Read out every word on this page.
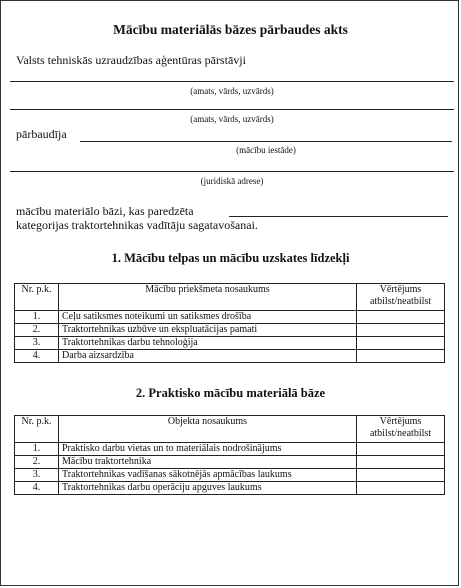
Mācību materiālās bāzes pārbaudes akts
Valsts tehniskās uzraudzības aģentūras pārstāvji
(amats, vārds, uzvārds)
(amats, vārds, uzvārds)
pārbaudīja
(mācību iestāde)
(juridiskā adrese)
mācību materiālo bāzi, kas paredzēta
kategorijas traktortehnikas vadītāju sagatavošanai.
1. Mācību telpas un mācību uzskates līdzekļi
Nr. p.k.	Mācību priekšmeta nosaukums	Vērtējums atbilst/neatbilst
1.	Ceļu satiksmes noteikumi un satiksmes drošība	
2.	Traktortehnikas uzbūve un ekspluatācijas pamati	
3.	Traktortehnikas darbu tehnoloģija	
4.	Darba aizsardzība	
2. Praktisko mācību materiālā bāze
Nr. p.k.	Objekta nosaukums	Vērtējums atbilst/neatbilst
1.	Praktisko darbu vietas un to materiālais nodrošinājums	
2.	Mācību traktortehnika	
3.	Traktortehnikas vadīšanas sākotnējās apmācības laukums	
4.	Traktortehnikas darbu operāciju apguves laukums	
